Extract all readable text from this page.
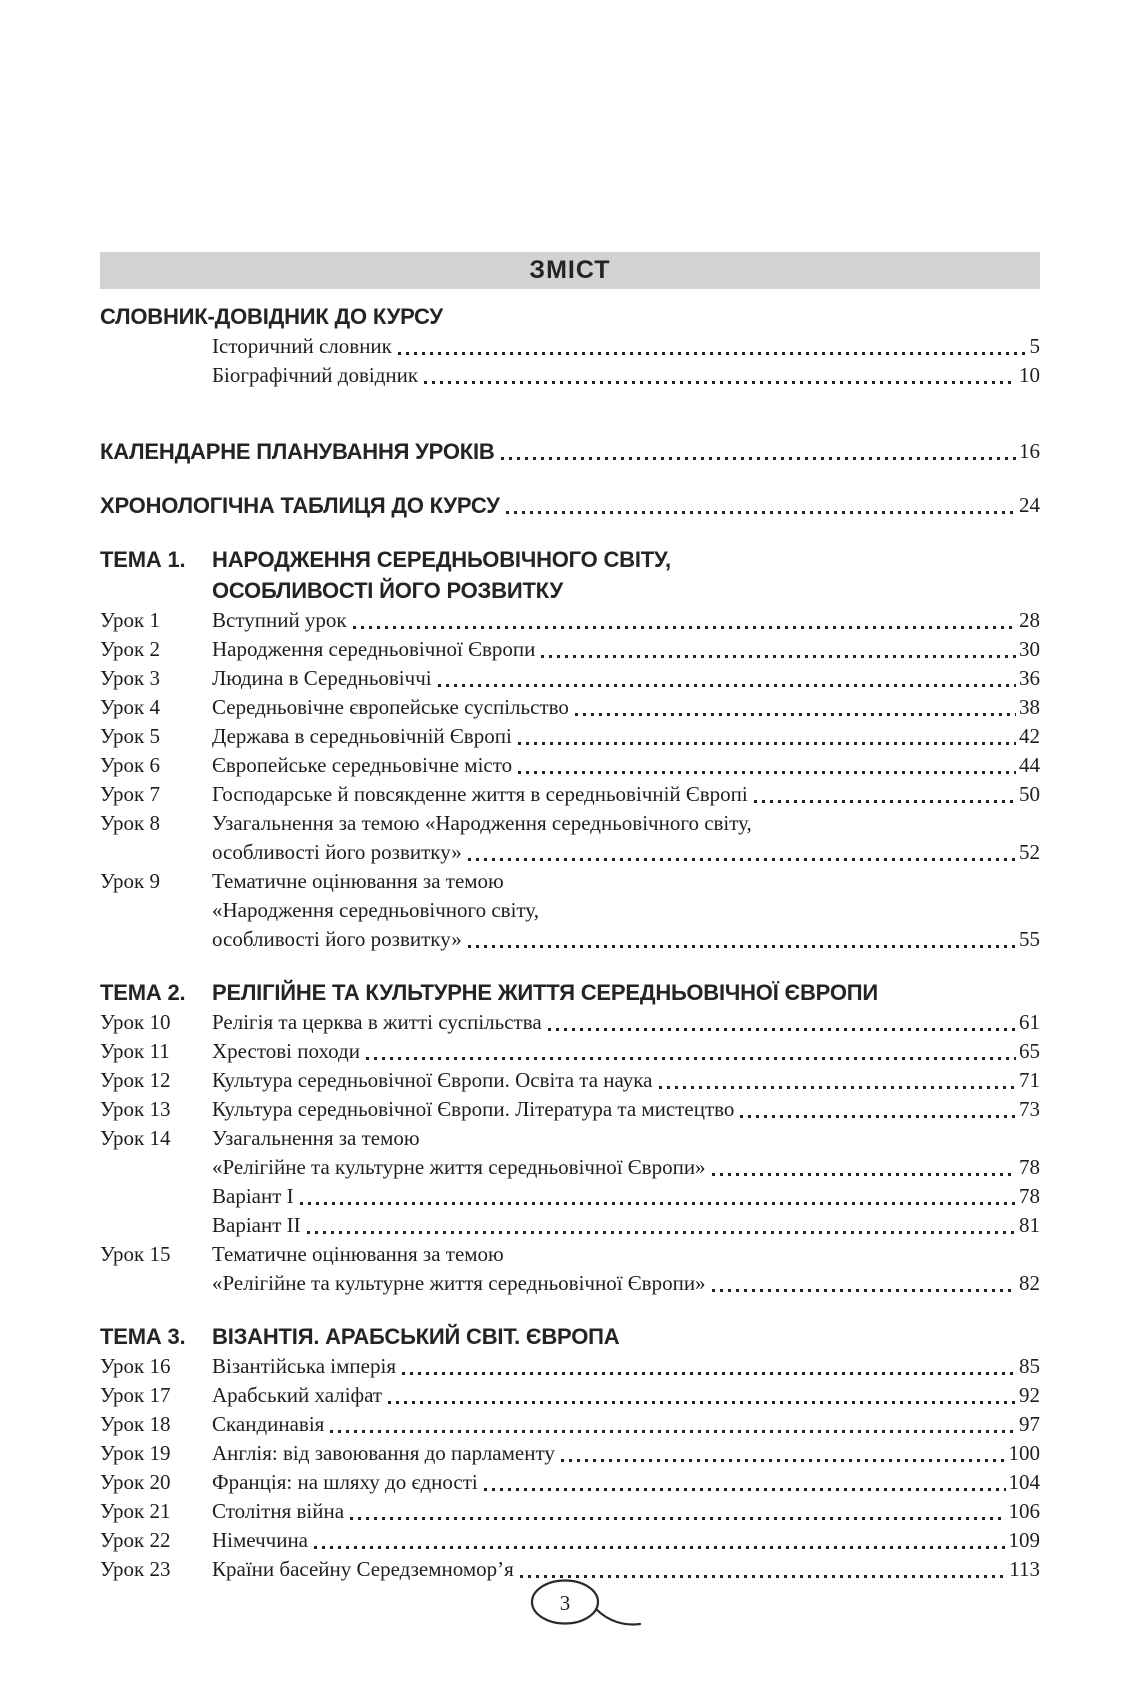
ЗМІСТ
СЛОВНИК-ДОВІДНИК ДО КУРСУ
Історичний словник	5
Біографічний довідник	10
КАЛЕНДАРНЕ ПЛАНУВАННЯ УРОКІВ	16
ХРОНОЛОГІЧНА ТАБЛИЦЯ ДО КУРСУ	24
ТЕМА 1.	НАРОДЖЕННЯ СЕРЕДНЬОВІЧНОГО СВІТУ,
ОСОБЛИВОСТІ ЙОГО РОЗВИТКУ
Урок 1	Вступний урок	28
Урок 2	Народження середньовічної Європи	30
Урок 3	Людина в Середньовіччі	36
Урок 4	Середньовічне європейське суспільство	38
Урок 5	Держава в середньовічній Європі	42
Урок 6	Європейське середньовічне місто	44
Урок 7	Господарське й повсякденне життя в середньовічній Європі	50
Урок 8	Узагальнення за темою «Народження середньовічного світу,
особливості його розвитку»	52
Урок 9	Тематичне оцінювання за темою
«Народження середньовічного світу,
особливості його розвитку»	55
ТЕМА 2.	РЕЛІГІЙНЕ ТА КУЛЬТУРНЕ ЖИТТЯ СЕРЕДНЬОВІЧНОЇ ЄВРОПИ
Урок 10	Релігія та церква в житті суспільства	61
Урок 11	Хрестові походи	65
Урок 12	Культура середньовічної Європи. Освіта та наука	71
Урок 13	Культура середньовічної Європи. Література та мистецтво	73
Урок 14	Узагальнення за темою
«Релігійне та культурне життя середньовічної Європи»	78
Варіант I	78
Варіант II	81
Урок 15	Тематичне оцінювання за темою
«Релігійне та культурне життя середньовічної Європи»	82
ТЕМА 3.	ВІЗАНТІЯ. АРАБСЬКИЙ СВІТ. ЄВРОПА
Урок 16	Візантійська імперія	85
Урок 17	Арабський халіфат	92
Урок 18	Скандинавія	97
Урок 19	Англія: від завоювання до парламенту	100
Урок 20	Франція: на шляху до єдності	104
Урок 21	Столітня війна	106
Урок 22	Німеччина	109
Урок 23	Країни басейну Середземномор’я	113
3
